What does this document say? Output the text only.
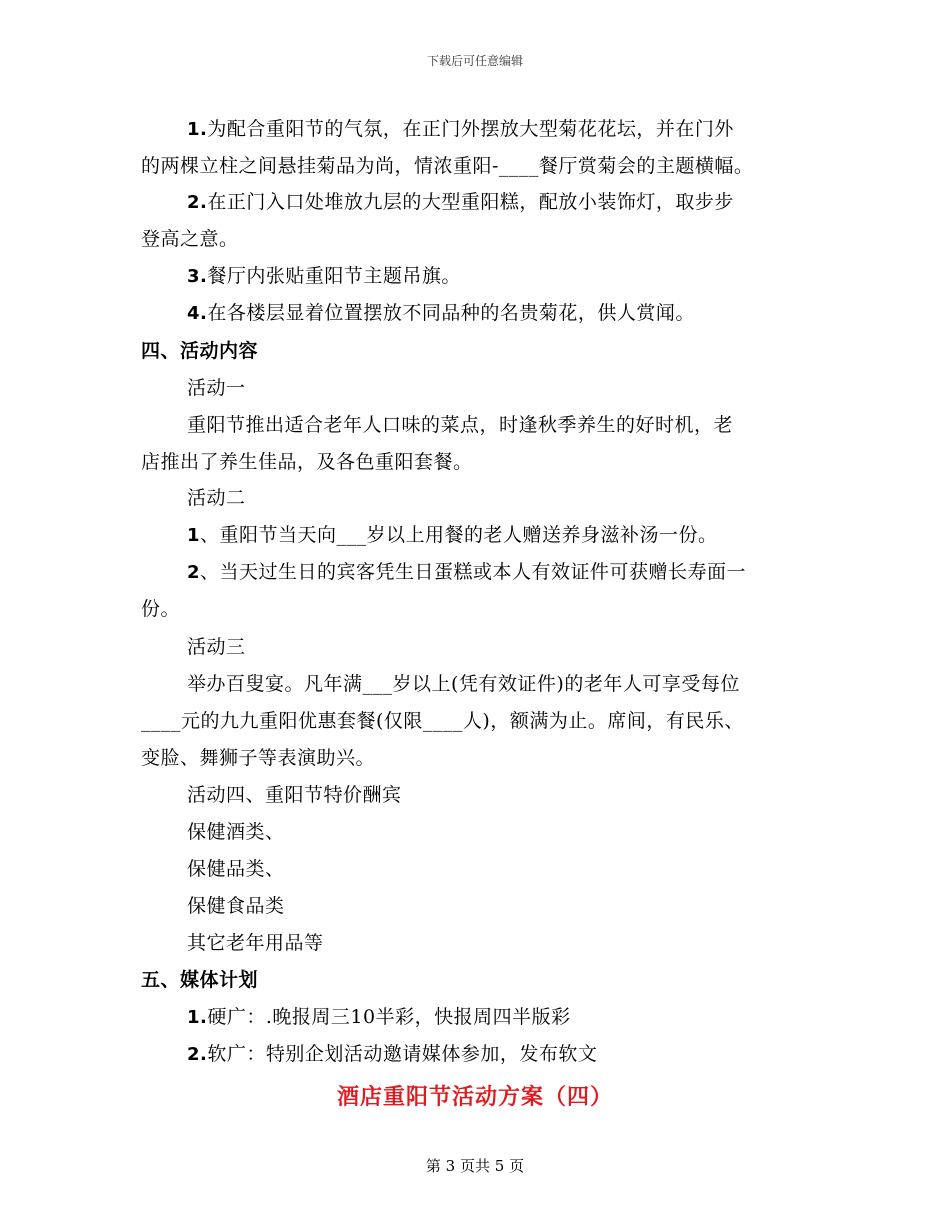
下载后可任意编辑
1.为配合重阳节的气氛，在正门外摆放大型菊花花坛，并在门外
的两棵立柱之间悬挂菊品为尚，情浓重阳-____餐厅赏菊会的主题横幅。
2.在正门入口处堆放九层的大型重阳糕，配放小装饰灯，取步步
登高之意。
3.餐厅内张贴重阳节主题吊旗。
4.在各楼层显着位置摆放不同品种的名贵菊花，供人赏闻。
四、活动内容
活动一
重阳节推出适合老年人口味的菜点，时逢秋季养生的好时机，老
店推出了养生佳品，及各色重阳套餐。
活动二
1、重阳节当天向___岁以上用餐的老人赠送养身滋补汤一份。
2、当天过生日的宾客凭生日蛋糕或本人有效证件可获赠长寿面一
份。
活动三
举办百叟宴。凡年满___岁以上(凭有效证件)的老年人可享受每位
____元的九九重阳优惠套餐(仅限____人)，额满为止。席间，有民乐、
变脸、舞狮子等表演助兴。
活动四、重阳节特价酬宾
保健酒类、
保健品类、
保健食品类
其它老年用品等
五、媒体计划
1.硬广：.晚报周三10半彩，快报周四半版彩
2.软广：特别企划活动邀请媒体参加，发布软文
酒店重阳节活动方案（四）
第 3 页共 5 页
